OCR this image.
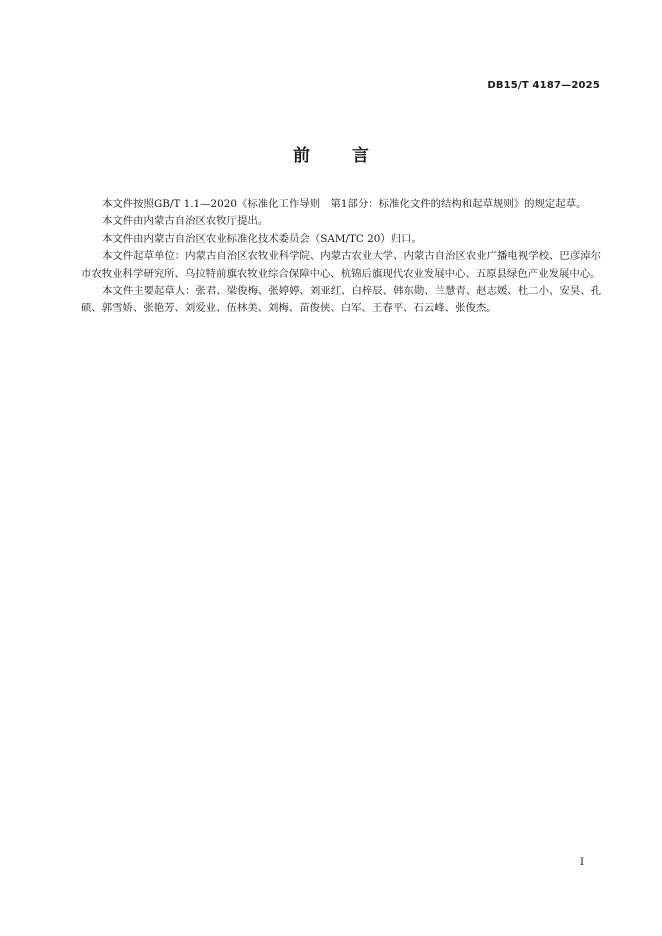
DB15/T 4187—2025
前 言

本文件按照GB/T 1.1—2020《标准化工作导则　第1部分：标准化文件的结构和起草规则》的规定起草。

本文件由内蒙古自治区农牧厅提出。

本文件由内蒙古自治区农业标准化技术委员会（SAM/TC 20）归口。

本文件起草单位：内蒙古自治区农牧业科学院、内蒙古农业大学、内蒙古自治区农业广播电视学校、巴彦淖尔市农牧业科学研究所、乌拉特前旗农牧业综合保障中心、杭锦后旗现代农业发展中心、五原县绿色产业发展中心。

本文件主要起草人：张君、梁俊梅、张婷婷、刘亚红、白梓辰、韩东勋、兰慧青、赵志媛、杜二小、安昊、孔硕、郭雪娇、张艳芳、刘爱业、伍林美、刘梅、苗俊侠、白军、王春平、石云峰、张俊杰。

I
